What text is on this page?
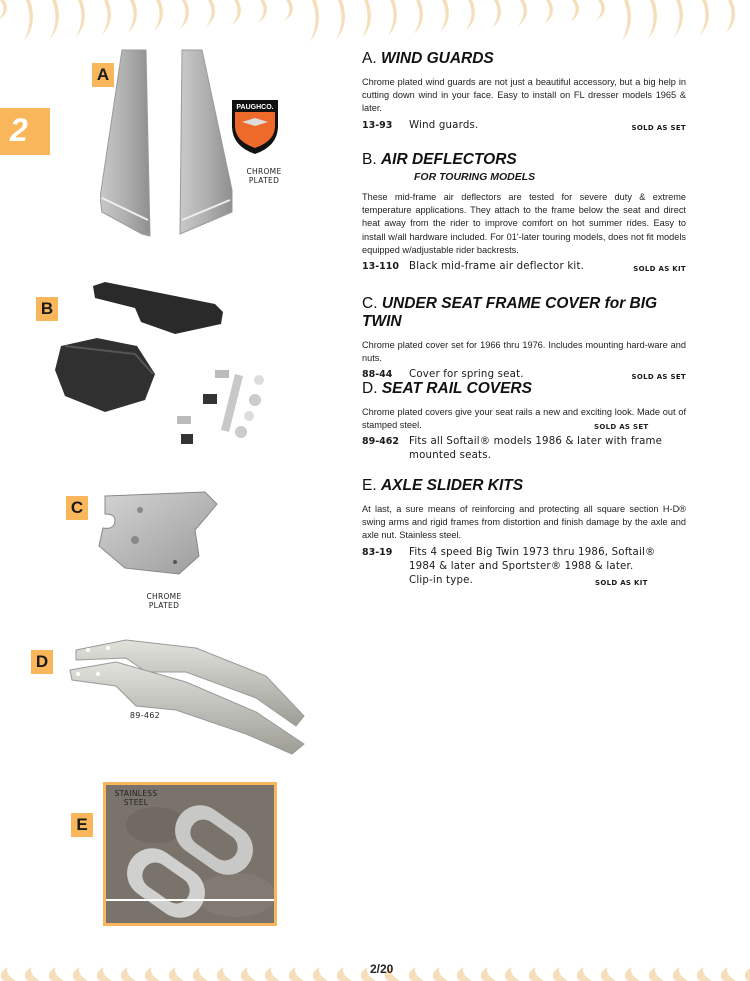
2
A
PAUGHCO.
CHROME
PLATED
B
C
CHROME
PLATED
D
89-462
E
STAINLESS
STEEL
A. WIND GUARDS
Chrome plated wind guards are not just a beautiful accessory, but a big help in cutting down wind in your face. Easy to install on FL dresser models 1965 & later.
13-93	Wind guards.	SOLD AS SET
B. AIR DEFLECTORS
FOR TOURING MODELS
These mid-frame air deflectors are tested for severe duty & extreme temperature applications. They attach to the frame below the seat and direct heat away from the rider to improve comfort on hot summer rides. Easy to install w/all hardware included. For 01'-later touring models, does not fit models equipped w/adjustable rider backrests.
13-110 Black mid-frame air deflector kit.	SOLD AS KIT
C. UNDER SEAT FRAME COVER for BIG TWIN
Chrome plated cover set for 1966 thru 1976. Includes mounting hard-ware and nuts.
88-44	Cover for spring seat.	SOLD AS SET
D. SEAT RAIL COVERS
Chrome plated covers give your seat rails a new and exciting look. Made out of stamped steel.	SOLD AS SET
89-462 Fits all Softail® models 1986 & later with frame
mounted seats.
E. AXLE SLIDER KITS
At last, a sure means of reinforcing and protecting all square section H-D® swing arms and rigid frames from distortion and finish damage by the axle and axle nut. Stainless steel.
83-19	Fits 4 speed Big Twin 1973 thru 1986, Softail®
1984 & later and Sportster® 1988 & later.
Clip-in type.	SOLD AS KIT
2/20
